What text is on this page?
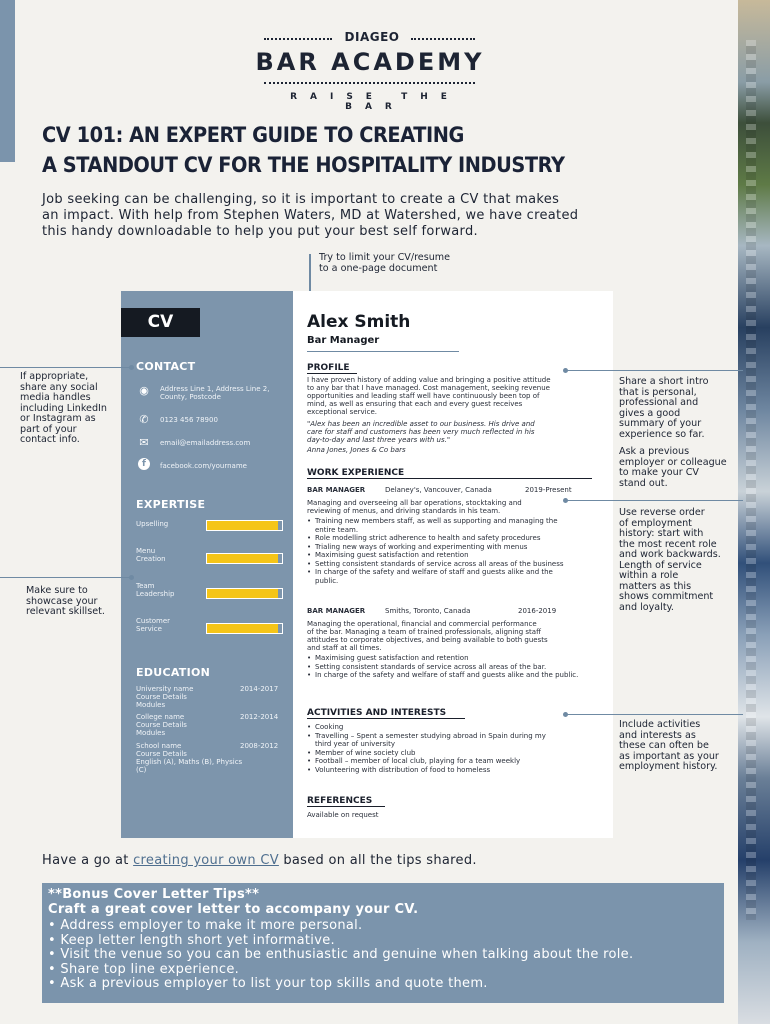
DIAGEO
BAR ACADEMY
RAISE THE BAR
CV 101: AN EXPERT GUIDE TO CREATING
A STANDOUT CV FOR THE HOSPITALITY INDUSTRY
Job seeking can be challenging, so it is important to create a CV that makes
an impact. With help from Stephen Waters, MD at Watershed, we have created
this handy downloadable to help you put your best self forward.
Try to limit your CV/resume
to a one-page document
CV
If appropriate,
share any social
media handles
including LinkedIn
or Instagram as
part of your
contact info.
Make sure to
showcase your
relevant skillset.
CONTACT
◉ Address Line 1, Address Line 2,
County, Postcode
✆ 0123 456 78900
✉ email@emailaddress.com
f	facebook.com/yourname
EXPERTISE
Upselling
Menu
Creation
Team
Leadership
Customer
Service
EDUCATION
University name
Course Details
Modules
2014-2017
College name
Course Details
Modules
2012-2014
School name
Course Details
English (A), Maths (B), Physics (C)
2008-2012
Alex Smith
Bar Manager
PROFILE
I have proven history of adding value and bringing a positive attitude
to any bar that I have managed. Cost management, seeking revenue
opportunities and leading staff well have continuously been top of
mind, as well as ensuring that each and every guest receives
exceptional service.
"Alex has been an incredible asset to our business. His drive and
care for staff and customers has been very much reflected in his
day-to-day and last three years with us."
Anna Jones, Jones & Co bars
WORK EXPERIENCE
BAR MANAGER	Delaney's, Vancouver, Canada	2019-Present
Managing and overseeing all bar operations, stocktaking and
reviewing of menus, and driving standards in his team.
• Training new members staff, as well as supporting and managing the entire team.
• Role modelling strict adherence to health and safety procedures
• Trialing new ways of working and experimenting with menus
• Maximising guest satisfaction and retention
• Setting consistent standards of service across all areas of the business
• In charge of the safety and welfare of staff and guests alike and the public.
BAR MANAGER	Smiths, Toronto, Canada	2016-2019
Managing the operational, financial and commercial performance
of the bar. Managing a team of trained professionals, aligning staff
attitudes to corporate objectives, and being available to both guests
and staff at all times.
• Maximising guest satisfaction and retention
• Setting consistent standards of service across all areas of the bar.
• In charge of the safety and welfare of staff and guests alike and the public.
ACTIVITIES AND INTERESTS
• Cooking
• Travelling – Spent a semester studying abroad in Spain during my third year of university
• Member of wine society club
• Football – member of local club, playing for a team weekly
• Volunteering with distribution of food to homeless
REFERENCES
Available on request
Share a short intro
that is personal,
professional and
gives a good
summary of your
experience so far.
Ask a previous
employer or colleague
to make your CV
stand out.
Use reverse order
of employment
history: start with
the most recent role
and work backwards.
Length of service
within a role
matters as this
shows commitment
and loyalty.
Include activities
and interests as
these can often be
as important as your
employment history.
Have a go at creating your own CV based on all the tips shared.
**Bonus Cover Letter Tips**
Craft a great cover letter to accompany your CV.
• Address employer to make it more personal.
• Keep letter length short yet informative.
• Visit the venue so you can be enthusiastic and genuine when talking about the role.
• Share top line experience.
• Ask a previous employer to list your top skills and quote them.
